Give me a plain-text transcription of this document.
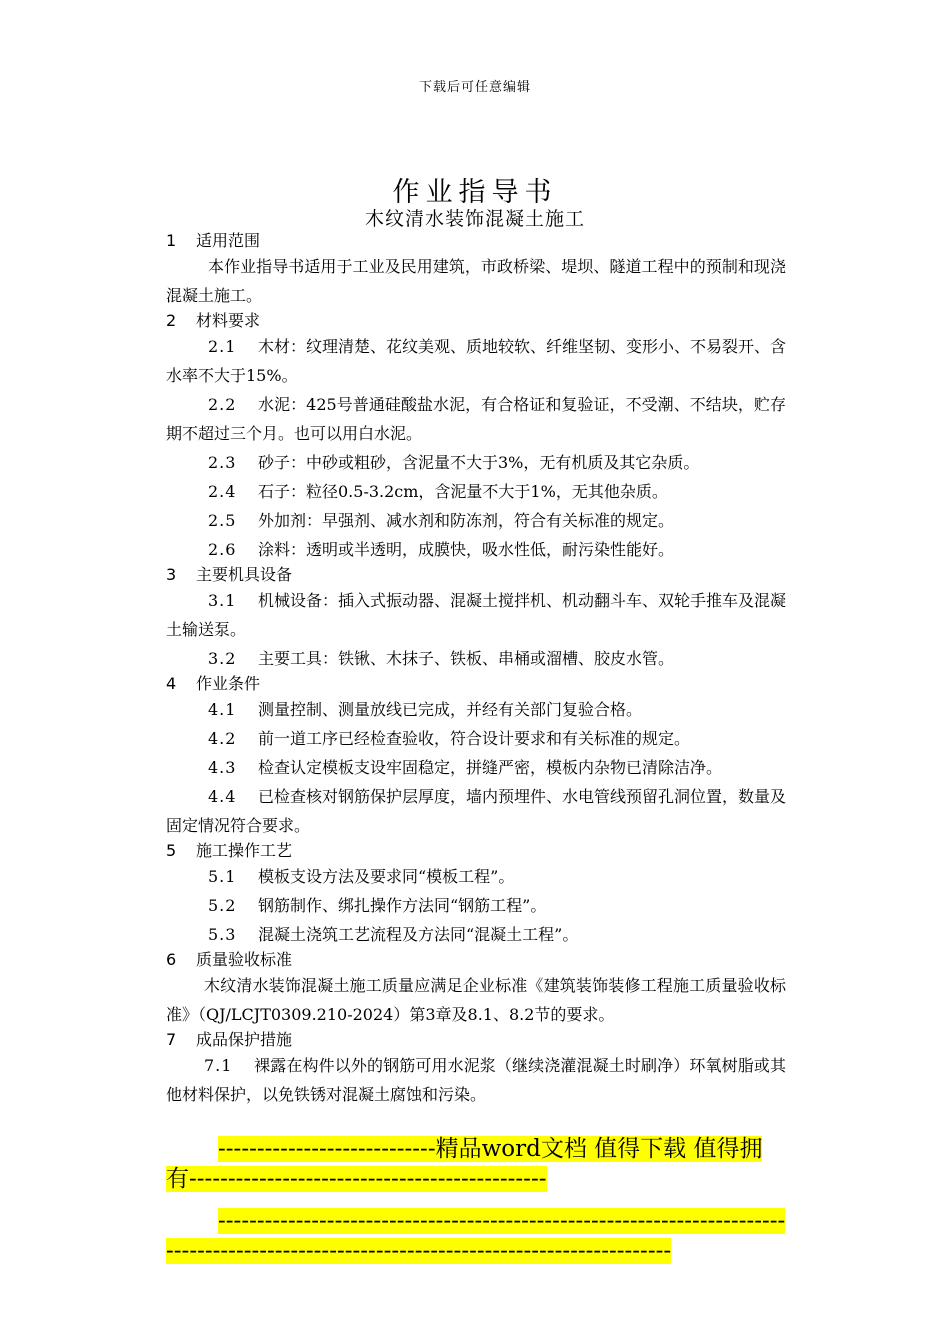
下载后可任意编辑
作业指导书
木纹清水装饰混凝土施工
1 适用范围

本作业指导书适用于工业及民用建筑，市政桥梁、堤坝、隧道工程中的预制和现浇混凝土施工。

2 材料要求

2.1 木材：纹理清楚、花纹美观、质地较软、纤维坚韧、变形小、不易裂开、含水率不大于15%。

2.2 水泥：425号普通硅酸盐水泥，有合格证和复验证，不受潮、不结块，贮存期不超过三个月。也可以用白水泥。

2.3 砂子：中砂或粗砂，含泥量不大于3%，无有机质及其它杂质。

2.4 石子：粒径0.5-3.2cm，含泥量不大于1%，无其他杂质。

2.5 外加剂：早强剂、减水剂和防冻剂，符合有关标准的规定。

2.6 涂料：透明或半透明，成膜快，吸水性低，耐污染性能好。

3 主要机具设备

3.1 机械设备：插入式振动器、混凝土搅拌机、机动翻斗车、双轮手推车及混凝土输送泵。

3.2 主要工具：铁锹、木抹子、铁板、串桶或溜槽、胶皮水管。

4 作业条件

4.1 测量控制、测量放线已完成，并经有关部门复验合格。

4.2 前一道工序已经检查验收，符合设计要求和有关标准的规定。

4.3 检查认定模板支设牢固稳定，拼缝严密，模板内杂物已清除洁净。

4.4 已检查核对钢筋保护层厚度，墙内预埋件、水电管线预留孔洞位置，数量及固定情况符合要求。

5 施工操作工艺

5.1 模板支设方法及要求同“模板工程”。

5.2 钢筋制作、绑扎操作方法同“钢筋工程”。

5.3 混凝土浇筑工艺流程及方法同“混凝土工程”。

6 质量验收标准

木纹清水装饰混凝土施工质量应满足企业标准《建筑装饰装修工程施工质量验收标准》（QJ/LCJT0309.210-2024）第3章及8.1、8.2节的要求。

7 成品保护措施

7.1 裸露在构件以外的钢筋可用水泥浆（继续浇灌混凝土时刷净）环氧树脂或其他材料保护，以免铁锈对混凝土腐蚀和污染。

----------------------------精品word文档 值得下载 值得拥有----------------------------------------------

------------------------------------------------------------------------------------------------------------------------------------------
